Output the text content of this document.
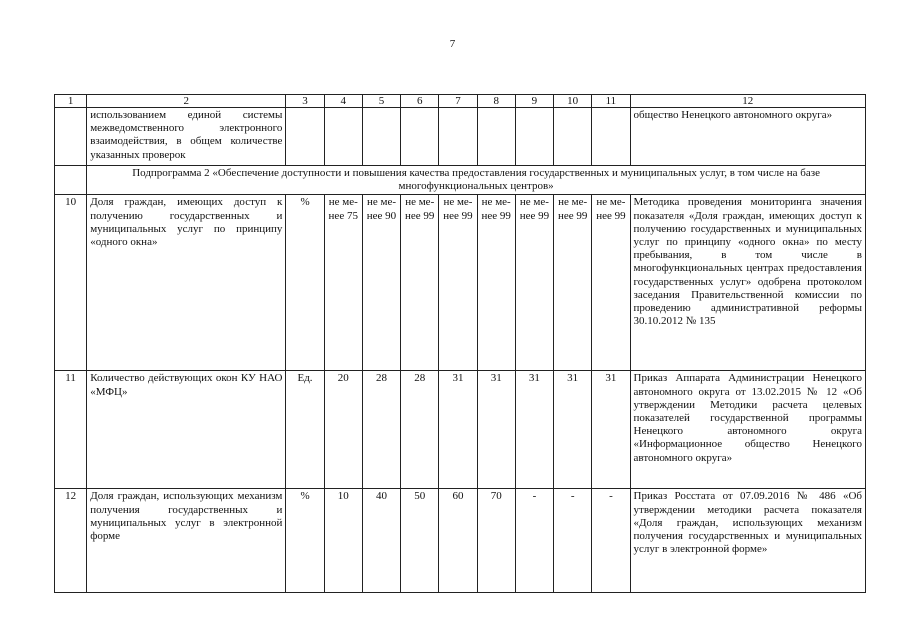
7
1	2	3	4	5	6	7	8	9	10	11	12
	использованием единой системы межведомственного электронного взаимодействия, в общем количестве указанных проверок										общество Ненецкого автономного округа»
	Подпрограмма 2 «Обеспечение доступности и повышения качества предоставления государственных и муниципальных услуг, в том числе на базе многофункциональных центров»										
10	Доля граждан, имеющих доступ к получению государственных и муниципальных услуг по принципу «одного окна»	%	не ме- нее 75	не ме- нее 90	не ме- нее 99	не ме- нее 99	не ме- нее 99	не ме- нее 99	не ме- нее 99	не ме- нее 99	Методика проведения мониторинга значения показателя «Доля граждан, имеющих доступ к получению государственных и муниципальных услуг по принципу «одного окна» по месту пребывания, в том числе в многофункциональных центрах предоставления государственных услуг» одобрена протоколом заседания Правительственной комиссии по проведению административной реформы 30.10.2012 № 135
11	Количество действующих окон КУ НАО «МФЦ»	Ед.	20	28	28	31	31	31	31	31	Приказ Аппарата Администрации Ненецкого автономного округа от 13.02.2015 № 12 «Об утверждении Методики расчета целевых показателей государственной программы Ненецкого автономного округа «Информационное общество Ненецкого автономного округа»
12	Доля граждан, использующих механизм получения государственных и муниципальных услуг в электронной форме	%	10	40	50	60	70	-	-	-	Приказ Росстата от 07.09.2016 № 486 «Об утверждении методики расчета показателя «Доля граждан, использующих механизм получения государственных и муниципальных услуг в электронной форме»
